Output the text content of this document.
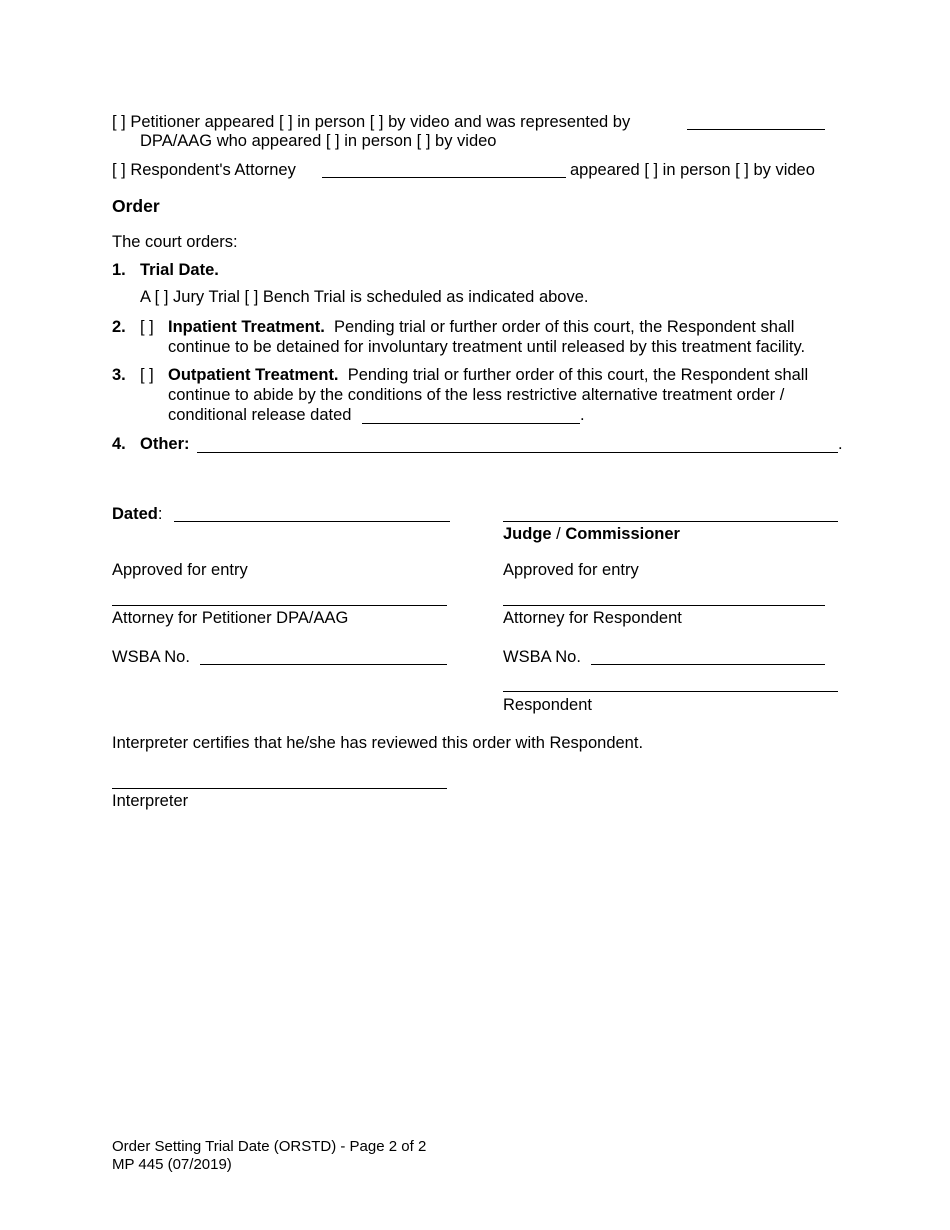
[ ] Petitioner appeared [ ] in person [ ] by video and was represented by
DPA/AAG who appeared [ ] in person [ ] by video
[ ] Respondent's Attorney	appeared [ ] in person [ ] by video
Order
The court orders:
1. Trial Date.
A [ ] Jury Trial [ ] Bench Trial is scheduled as indicated above.
2. [ ] Inpatient Treatment. Pending trial or further order of this court, the Respondent shall
continue to be detained for involuntary treatment until released by this treatment facility.
3. [ ] Outpatient Treatment. Pending trial or further order of this court, the Respondent shall
continue to abide by the conditions of the less restrictive alternative treatment order /
conditional release dated	.
4. Other:	.
Dated:
Judge / Commissioner
Approved for entry	Approved for entry
Attorney for Petitioner DPA/AAG	Attorney for Respondent
WSBA No.	WSBA No.
Respondent
Interpreter certifies that he/she has reviewed this order with Respondent.
Interpreter
Order Setting Trial Date (ORSTD) - Page 2 of 2
MP 445 (07/2019)
